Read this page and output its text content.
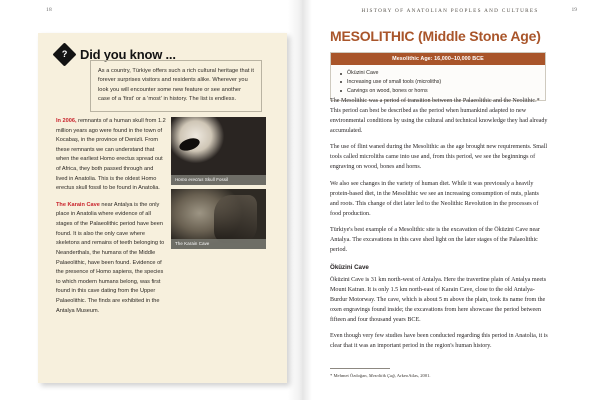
18
? Did you know ...

As a country, Türkiye offers such a rich cultural heritage that it forever surprises visitors and residents alike. Wherever you look you will encounter some new feature or see another case of a 'first' or a 'most' in history. The list is endless.

In 2006, remnants of a human skull from 1.2 million years ago were found in the town of Kocabaş, in the province of Denizli. From these remnants we can understand that when the earliest Homo erectus spread out of Africa, they both passed through and lived in Anatolia. This is the oldest Homo erectus skull fossil to be found in Anatolia.

The Karain Cave near Antalya is the only place in Anatolia where evidence of all stages of the Palaeolithic period have been found. It is also the only cave where skeletons and remains of teeth belonging to Neanderthals, the humans of the Middle Palaeolithic, have been found. Evidence of the presence of Homo sapiens, the species to which modern humans belong, was first found in this cave dating from the Upper Palaeolithic. The finds are exhibited in the Antalya Museum.

Homo erectus Skull Fossil
The Karain Cave
HISTORY OF ANATOLIAN PEOPLES AND CULTURES	19
MESOLITHIC (Middle Stone Age)
Mesolithic Age: 16,000–10,000 BCE
Öküzini Cave
Increasing use of small tools (microliths)
Carvings on wood, bones or horns

The Mesolithic was a period of transition between the Palaeolithic and the Neolithic.* This period can best be described as the period when humankind adapted to new environmental conditions by using the cultural and technical knowledge they had already accumulated.

The use of flint waned during the Mesolithic as the age brought new requirements. Small tools called microliths came into use and, from this period, we see the beginnings of engraving on wood, bones and horns.

We also see changes in the variety of human diet. While it was previously a heavily protein-based diet, in the Mesolithic we see an increasing consumption of nuts, plants and roots. This change of diet later led to the Neolithic Revolution in the processes of food production.

Türkiye's best example of a Mesolithic site is the excavation of the Öküzini Cave near Antalya. The excavations in this cave shed light on the later stages of the Palaeolithic period.

Öküzini Cave

Öküzini Cave is 31 km north-west of Antalya. Here the travertine plain of Antalya meets Mount Katran. It is only 1.5 km north-east of Karain Cave, close to the old Antalya-Burdur Motorway. The cave, which is about 5 m above the plain, took its name from the oxen engravings found inside; the excavations from here showcase the period between fifteen and four thousand years BCE.

Even though very few studies have been conducted regarding this period in Anatolia, it is clear that it was an important period in the region's human history.

* Mehmet Özdoğan, Mezolitik Çağ, ArkeoAtlas, 2001.
